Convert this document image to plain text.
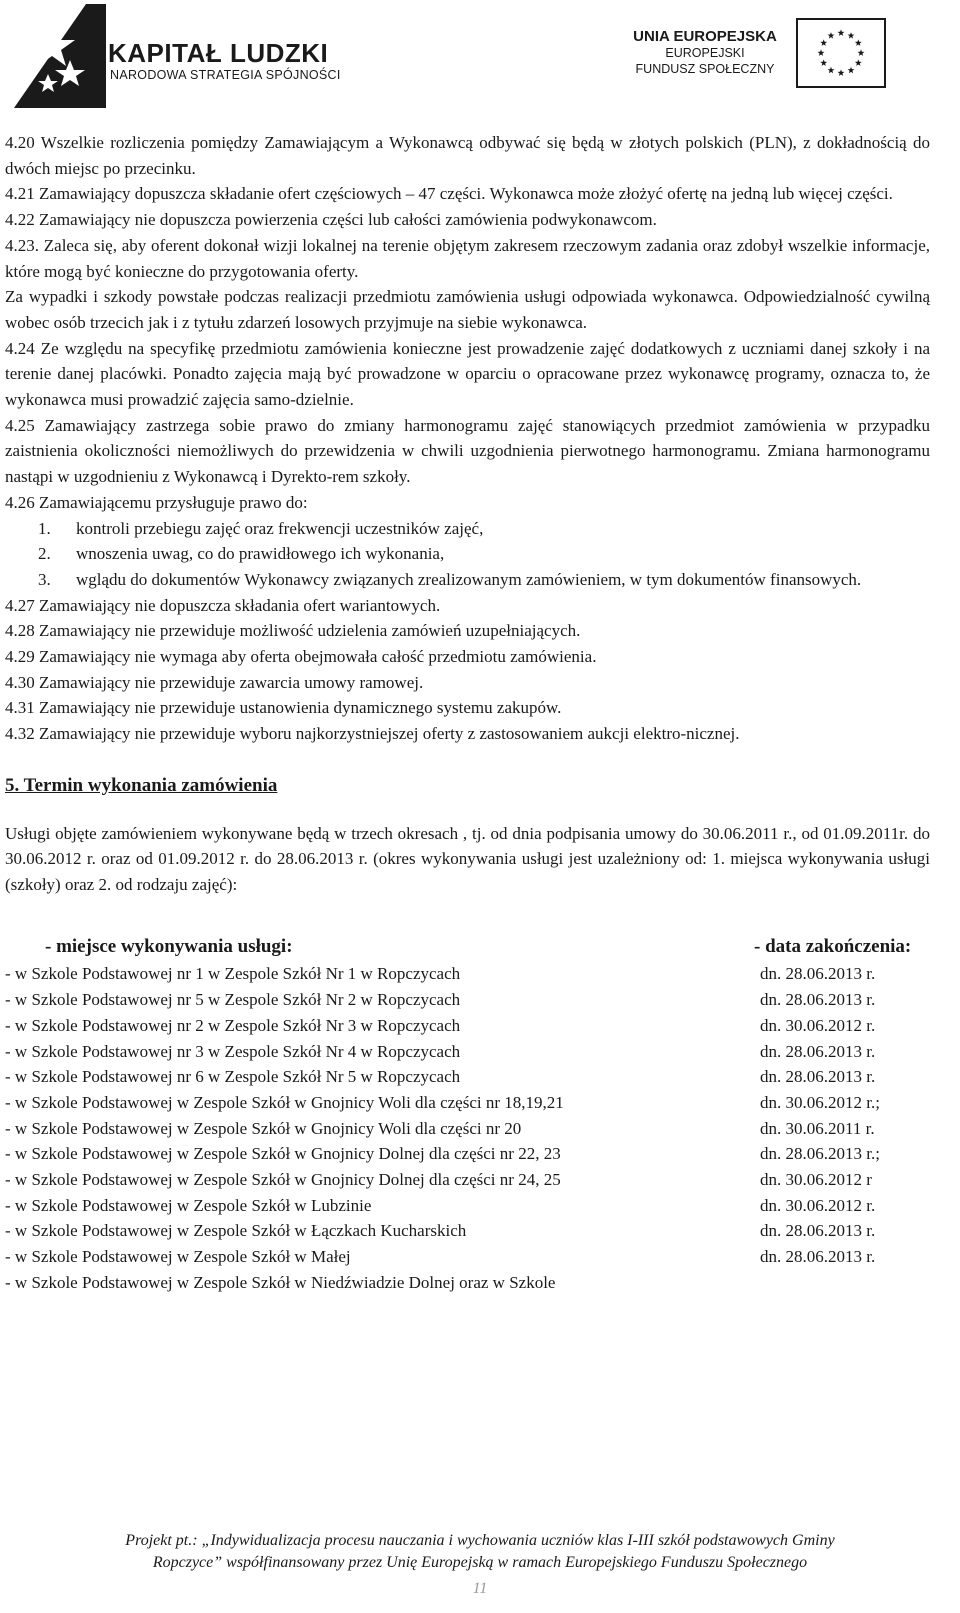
KAPITAŁ LUDZKI
NARODOWA STRATEGIA SPÓJNOŚCI
UNIA EUROPEJSKA
EUROPEJSKI
FUNDUSZ SPOŁECZNY

4.20 Wszelkie rozliczenia pomiędzy Zamawiającym a Wykonawcą odbywać się będą w złotych polskich (PLN), z dokładnością do dwóch miejsc po przecinku.

4.21 Zamawiający dopuszcza składanie ofert częściowych – 47 części. Wykonawca może złożyć ofertę na jedną lub więcej części.

4.22 Zamawiający nie dopuszcza powierzenia części lub całości zamówienia podwykonawcom.

4.23. Zaleca się, aby oferent dokonał wizji lokalnej na terenie objętym zakresem rzeczowym zadania oraz zdobył wszelkie informacje, które mogą być konieczne do przygotowania oferty.

Za wypadki i szkody powstałe podczas realizacji przedmiotu zamówienia usługi odpowiada wykonawca. Odpowiedzialność cywilną wobec osób trzecich jak i z tytułu zdarzeń losowych przyjmuje na siebie wykonawca.

4.24 Ze względu na specyfikę przedmiotu zamówienia konieczne jest prowadzenie zajęć dodatkowych z uczniami danej szkoły i na terenie danej placówki. Ponadto zajęcia mają być prowadzone w oparciu o opracowane przez wykonawcę programy, oznacza to, że wykonawca musi prowadzić zajęcia samo-dzielnie.

4.25 Zamawiający zastrzega sobie prawo do zmiany harmonogramu zajęć stanowiących przedmiot zamówienia w przypadku zaistnienia okoliczności niemożliwych do przewidzenia w chwili uzgodnienia pierwotnego harmonogramu. Zmiana harmonogramu nastąpi w uzgodnieniu z Wykonawcą i Dyrekto-rem szkoły.

4.26 Zamawiającemu przysługuje prawo do:

1. kontroli przebiegu zajęć oraz frekwencji uczestników zajęć,
2. wnoszenia uwag, co do prawidłowego ich wykonania,
3. wglądu do dokumentów Wykonawcy związanych zrealizowanym zamówieniem, w tym dokumentów finansowych.

4.27 Zamawiający nie dopuszcza składania ofert wariantowych.

4.28 Zamawiający nie przewiduje możliwość udzielenia zamówień uzupełniających.

4.29 Zamawiający nie wymaga aby oferta obejmowała całość przedmiotu zamówienia.

4.30 Zamawiający nie przewiduje zawarcia umowy ramowej.

4.31 Zamawiający nie przewiduje ustanowienia dynamicznego systemu zakupów.

4.32 Zamawiający nie przewiduje wyboru najkorzystniejszej oferty z zastosowaniem aukcji elektro-nicznej.

5. Termin wykonania zamówienia

Usługi objęte zamówieniem wykonywane będą w trzech okresach , tj. od dnia podpisania umowy do 30.06.2011 r., od 01.09.2011r. do 30.06.2012 r. oraz od 01.09.2012 r. do 28.06.2013 r. (okres wykonywania usługi jest uzależniony od: 1. miejsca wykonywania usługi (szkoły) oraz 2. od rodzaju zajęć):

- miejsce wykonywania usługi:	- data zakończenia:
- w Szkole Podstawowej nr 1 w Zespole Szkół Nr 1 w Ropczycach	dn. 28.06.2013 r.
- w Szkole Podstawowej nr 5 w Zespole Szkół Nr 2 w Ropczycach	dn. 28.06.2013 r.
- w Szkole Podstawowej nr 2 w Zespole Szkół Nr 3 w Ropczycach	dn. 30.06.2012 r.
- w Szkole Podstawowej nr 3 w Zespole Szkół Nr 4 w Ropczycach	dn. 28.06.2013 r.
- w Szkole Podstawowej nr 6 w Zespole Szkół Nr 5 w Ropczycach	dn. 28.06.2013 r.
- w Szkole Podstawowej w Zespole Szkół w Gnojnicy Woli dla części nr 18,19,21	dn. 30.06.2012 r.;
- w Szkole Podstawowej w Zespole Szkół w Gnojnicy Woli dla części nr 20	dn. 30.06.2011 r.
- w Szkole Podstawowej w Zespole Szkół w Gnojnicy Dolnej dla części nr 22, 23	dn. 28.06.2013 r.;
- w Szkole Podstawowej w Zespole Szkół w Gnojnicy Dolnej dla części nr 24, 25	dn. 30.06.2012 r
- w Szkole Podstawowej w Zespole Szkół w Lubzinie	dn. 30.06.2012 r.
- w Szkole Podstawowej w Zespole Szkół w Łączkach Kucharskich	dn. 28.06.2013 r.
- w Szkole Podstawowej w Zespole Szkół w Małej	dn. 28.06.2013 r.
- w Szkole Podstawowej w Zespole Szkół w Niedźwiadzie Dolnej oraz w Szkole	
Projekt pt.: „Indywidualizacja procesu nauczania i wychowania uczniów klas I-III szkół podstawowych Gminy
Ropczyce” współfinansowany przez Unię Europejską w ramach Europejskiego Funduszu Społecznego
11
